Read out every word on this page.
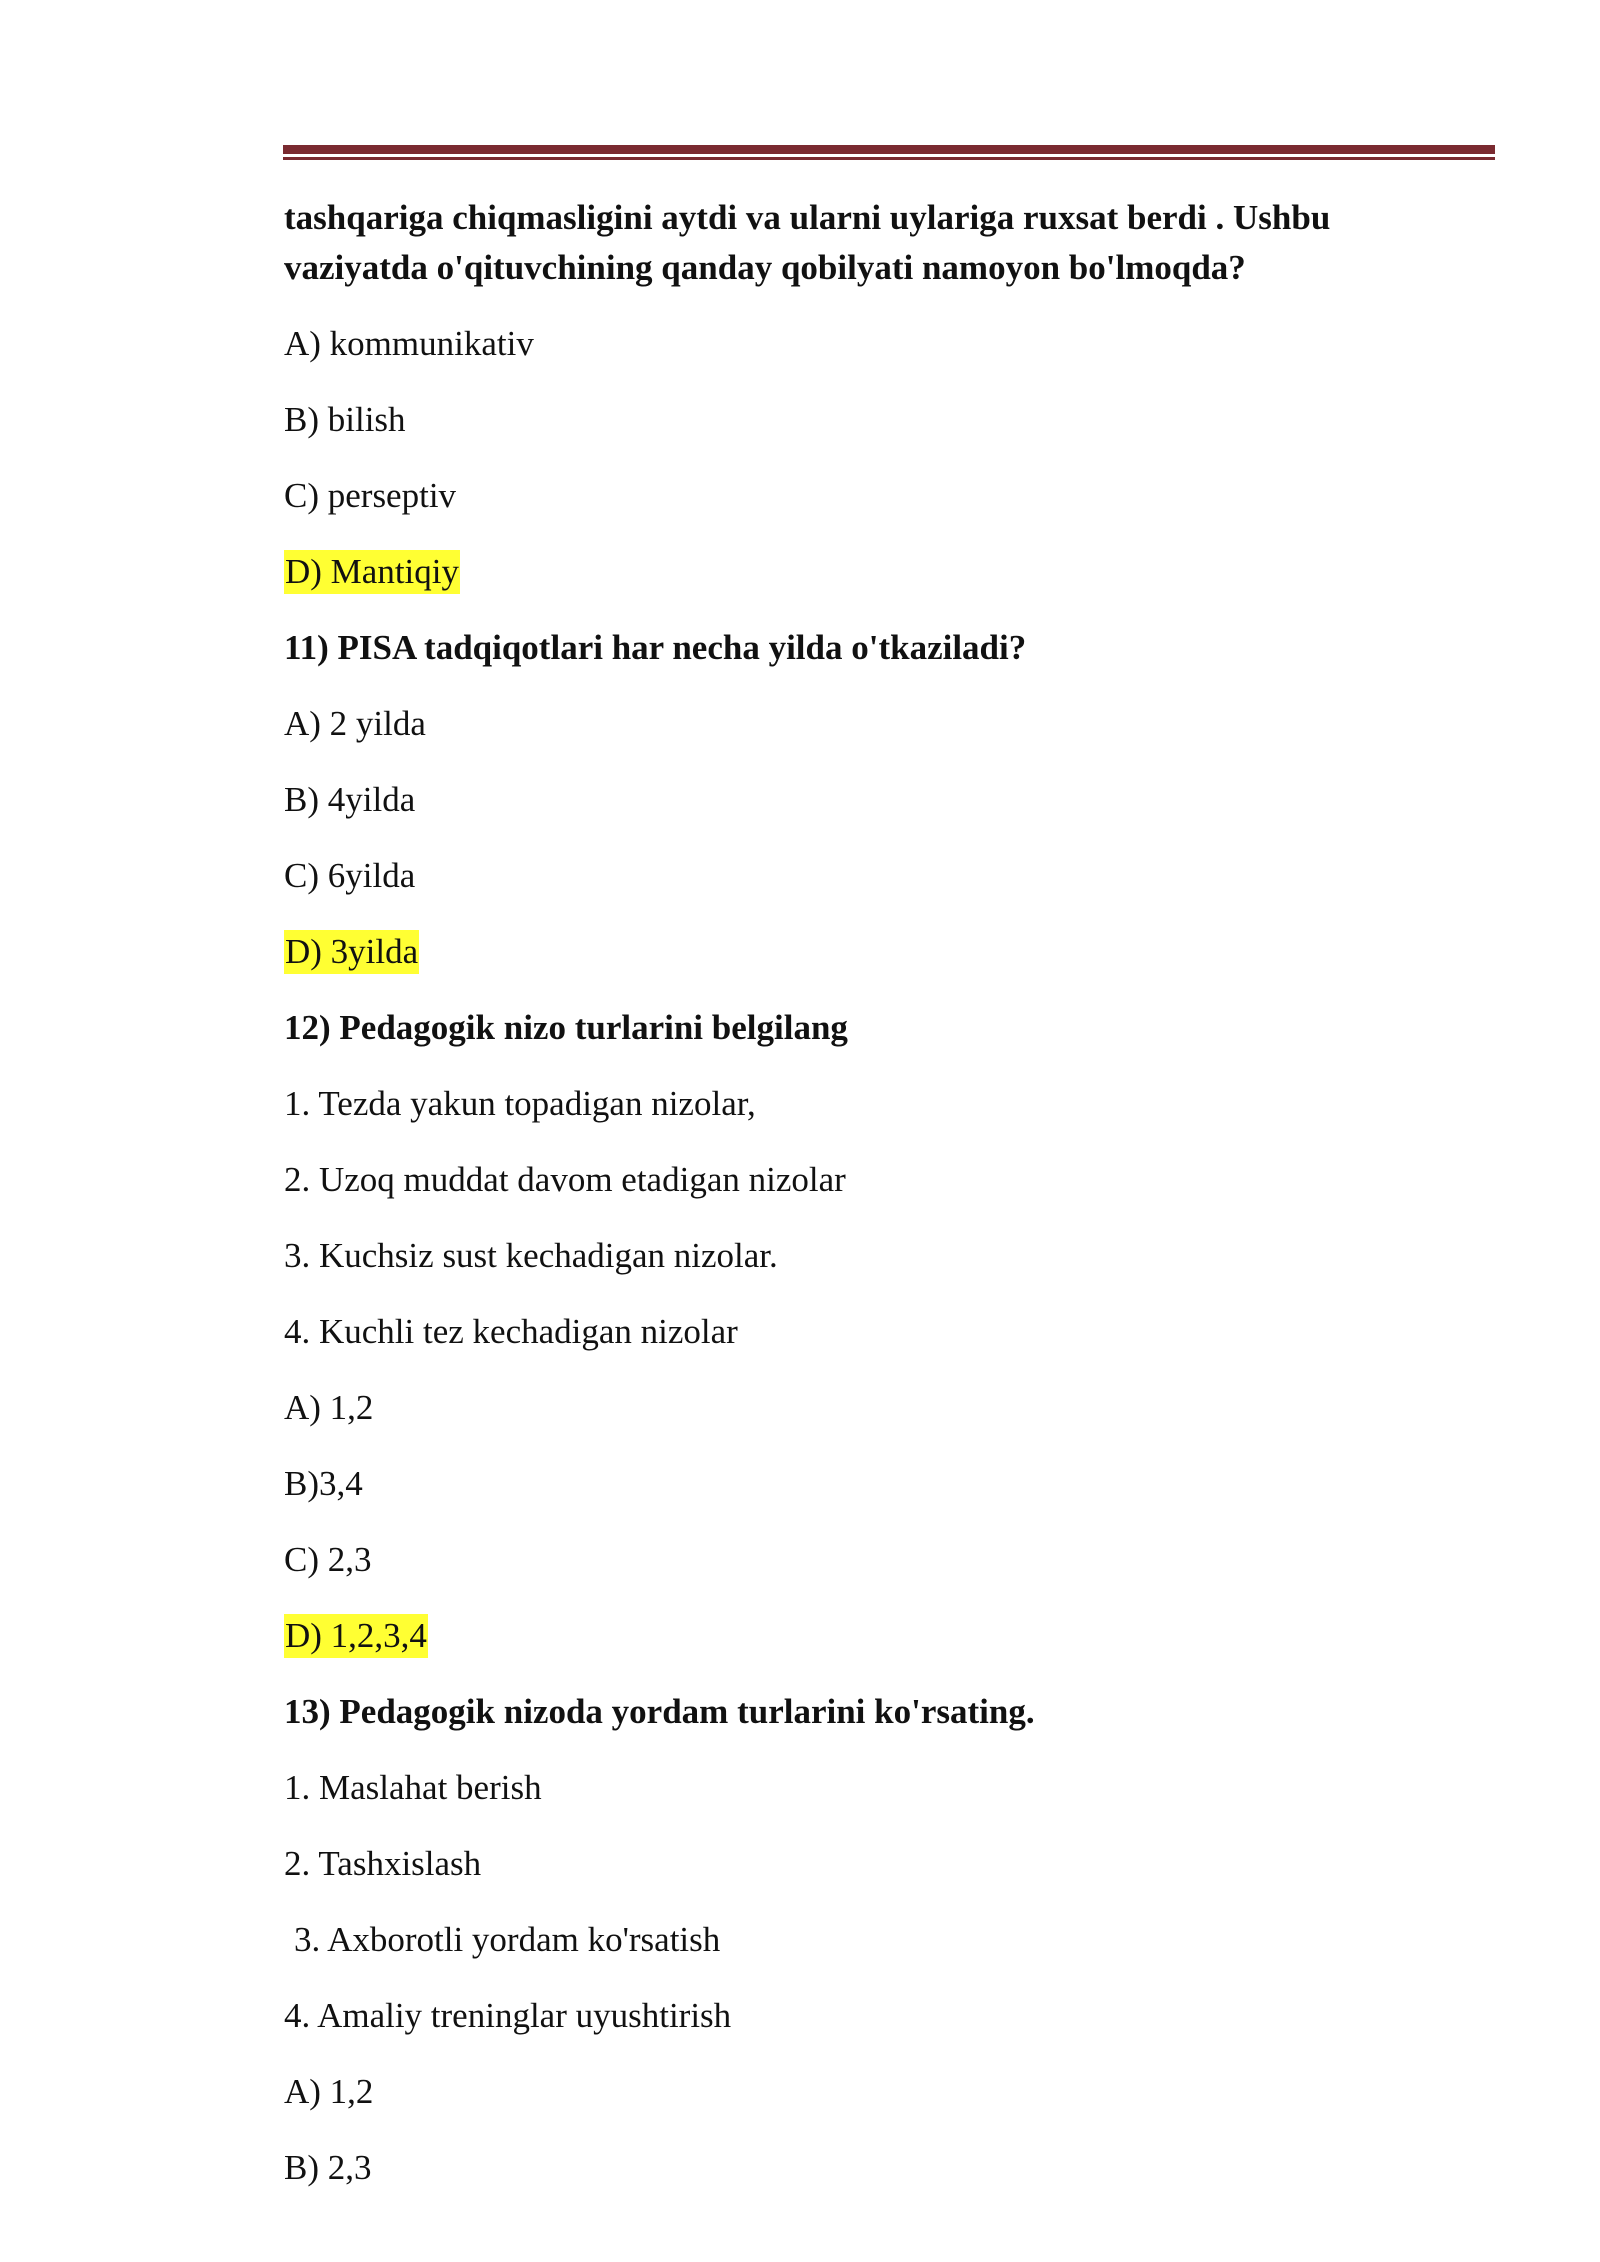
tashqariga chiqmasligini aytdi va ularni uylariga ruxsat berdi . Ushbu
vaziyatda o'qituvchining qanday qobilyati namoyon bo'lmoqda?
A) kommunikativ
B) bilish
C) perseptiv
D) Mantiqiy
11) PISA tadqiqotlari har necha yilda o'tkaziladi?
A) 2 yilda
B) 4yilda
C) 6yilda
D) 3yilda
12) Pedagogik nizo turlarini belgilang
1. Tezda yakun topadigan nizolar,
2. Uzoq muddat davom etadigan nizolar
3. Kuchsiz sust kechadigan nizolar.
4. Kuchli tez kechadigan nizolar
A) 1,2
B)3,4
C) 2,3
D) 1,2,3,4
13) Pedagogik nizoda yordam turlarini ko'rsating.
1. Maslahat berish
2. Tashxislash
3. Axborotli yordam ko'rsatish
4. Amaliy treninglar uyushtirish
A) 1,2
B) 2,3
